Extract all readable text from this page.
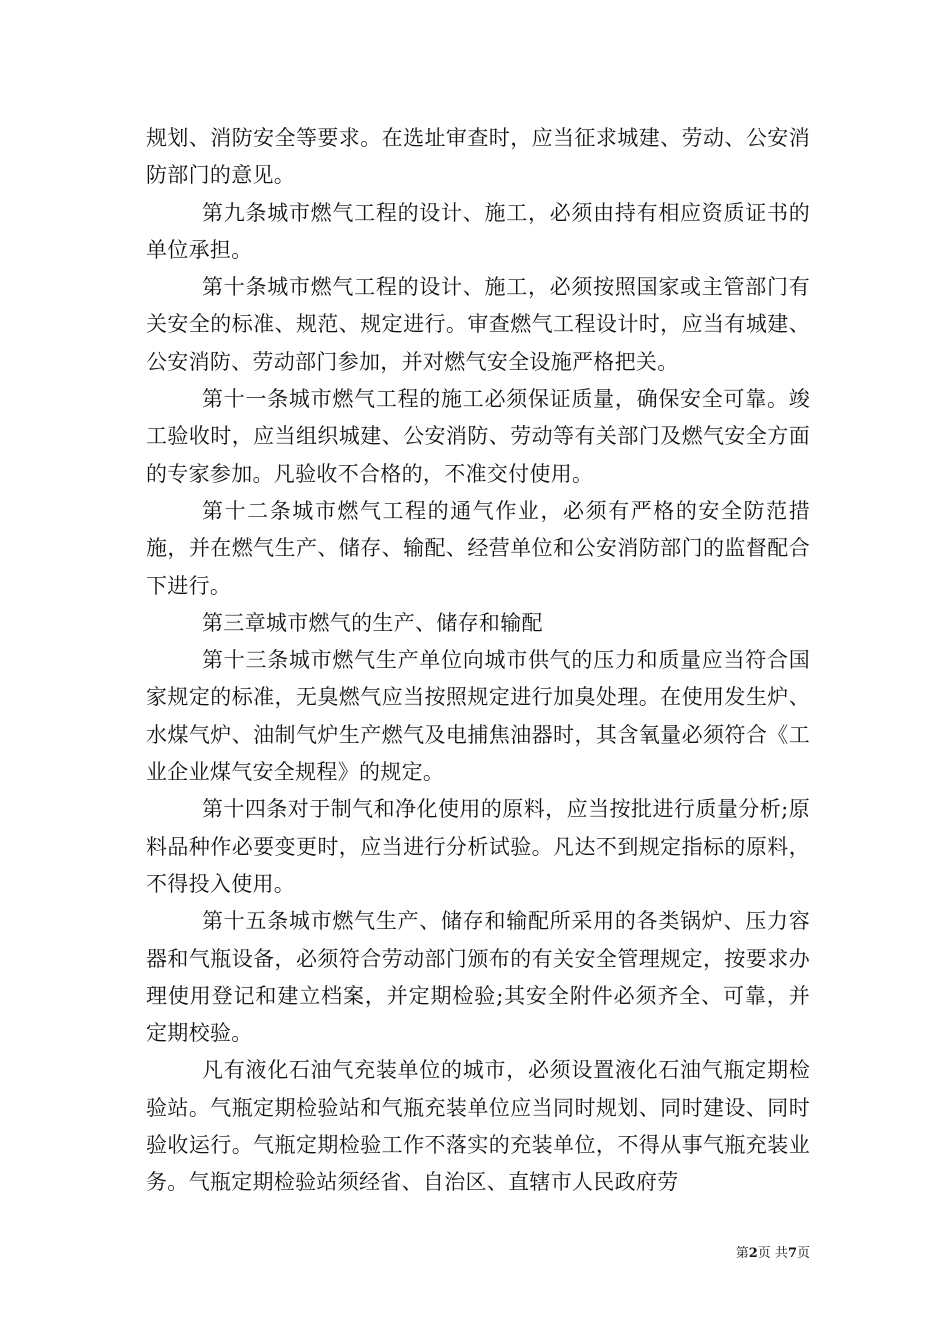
规划、消防安全等要求。在选址审查时，应当征求城建、劳动、公安消防部门的意见。

第九条城市燃气工程的设计、施工，必须由持有相应资质证书的单位承担。

第十条城市燃气工程的设计、施工，必须按照国家或主管部门有关安全的标准、规范、规定进行。审查燃气工程设计时，应当有城建、公安消防、劳动部门参加，并对燃气安全设施严格把关。

第十一条城市燃气工程的施工必须保证质量，确保安全可靠。竣工验收时，应当组织城建、公安消防、劳动等有关部门及燃气安全方面的专家参加。凡验收不合格的，不准交付使用。

第十二条城市燃气工程的通气作业，必须有严格的安全防范措施，并在燃气生产、储存、输配、经营单位和公安消防部门的监督配合下进行。

第三章城市燃气的生产、储存和输配

第十三条城市燃气生产单位向城市供气的压力和质量应当符合国家规定的标准，无臭燃气应当按照规定进行加臭处理。在使用发生炉、水煤气炉、油制气炉生产燃气及电捕焦油器时，其含氧量必须符合《工业企业煤气安全规程》的规定。

第十四条对于制气和净化使用的原料，应当按批进行质量分析;原料品种作必要变更时，应当进行分析试验。凡达不到规定指标的原料，不得投入使用。

第十五条城市燃气生产、储存和输配所采用的各类锅炉、压力容器和气瓶设备，必须符合劳动部门颁布的有关安全管理规定，按要求办理使用登记和建立档案，并定期检验;其安全附件必须齐全、可靠，并定期校验。

凡有液化石油气充装单位的城市，必须设置液化石油气瓶定期检验站。气瓶定期检验站和气瓶充装单位应当同时规划、同时建设、同时验收运行。气瓶定期检验工作不落实的充装单位，不得从事气瓶充装业务。气瓶定期检验站须经省、自治区、直辖市人民政府劳

第2页 共7页
